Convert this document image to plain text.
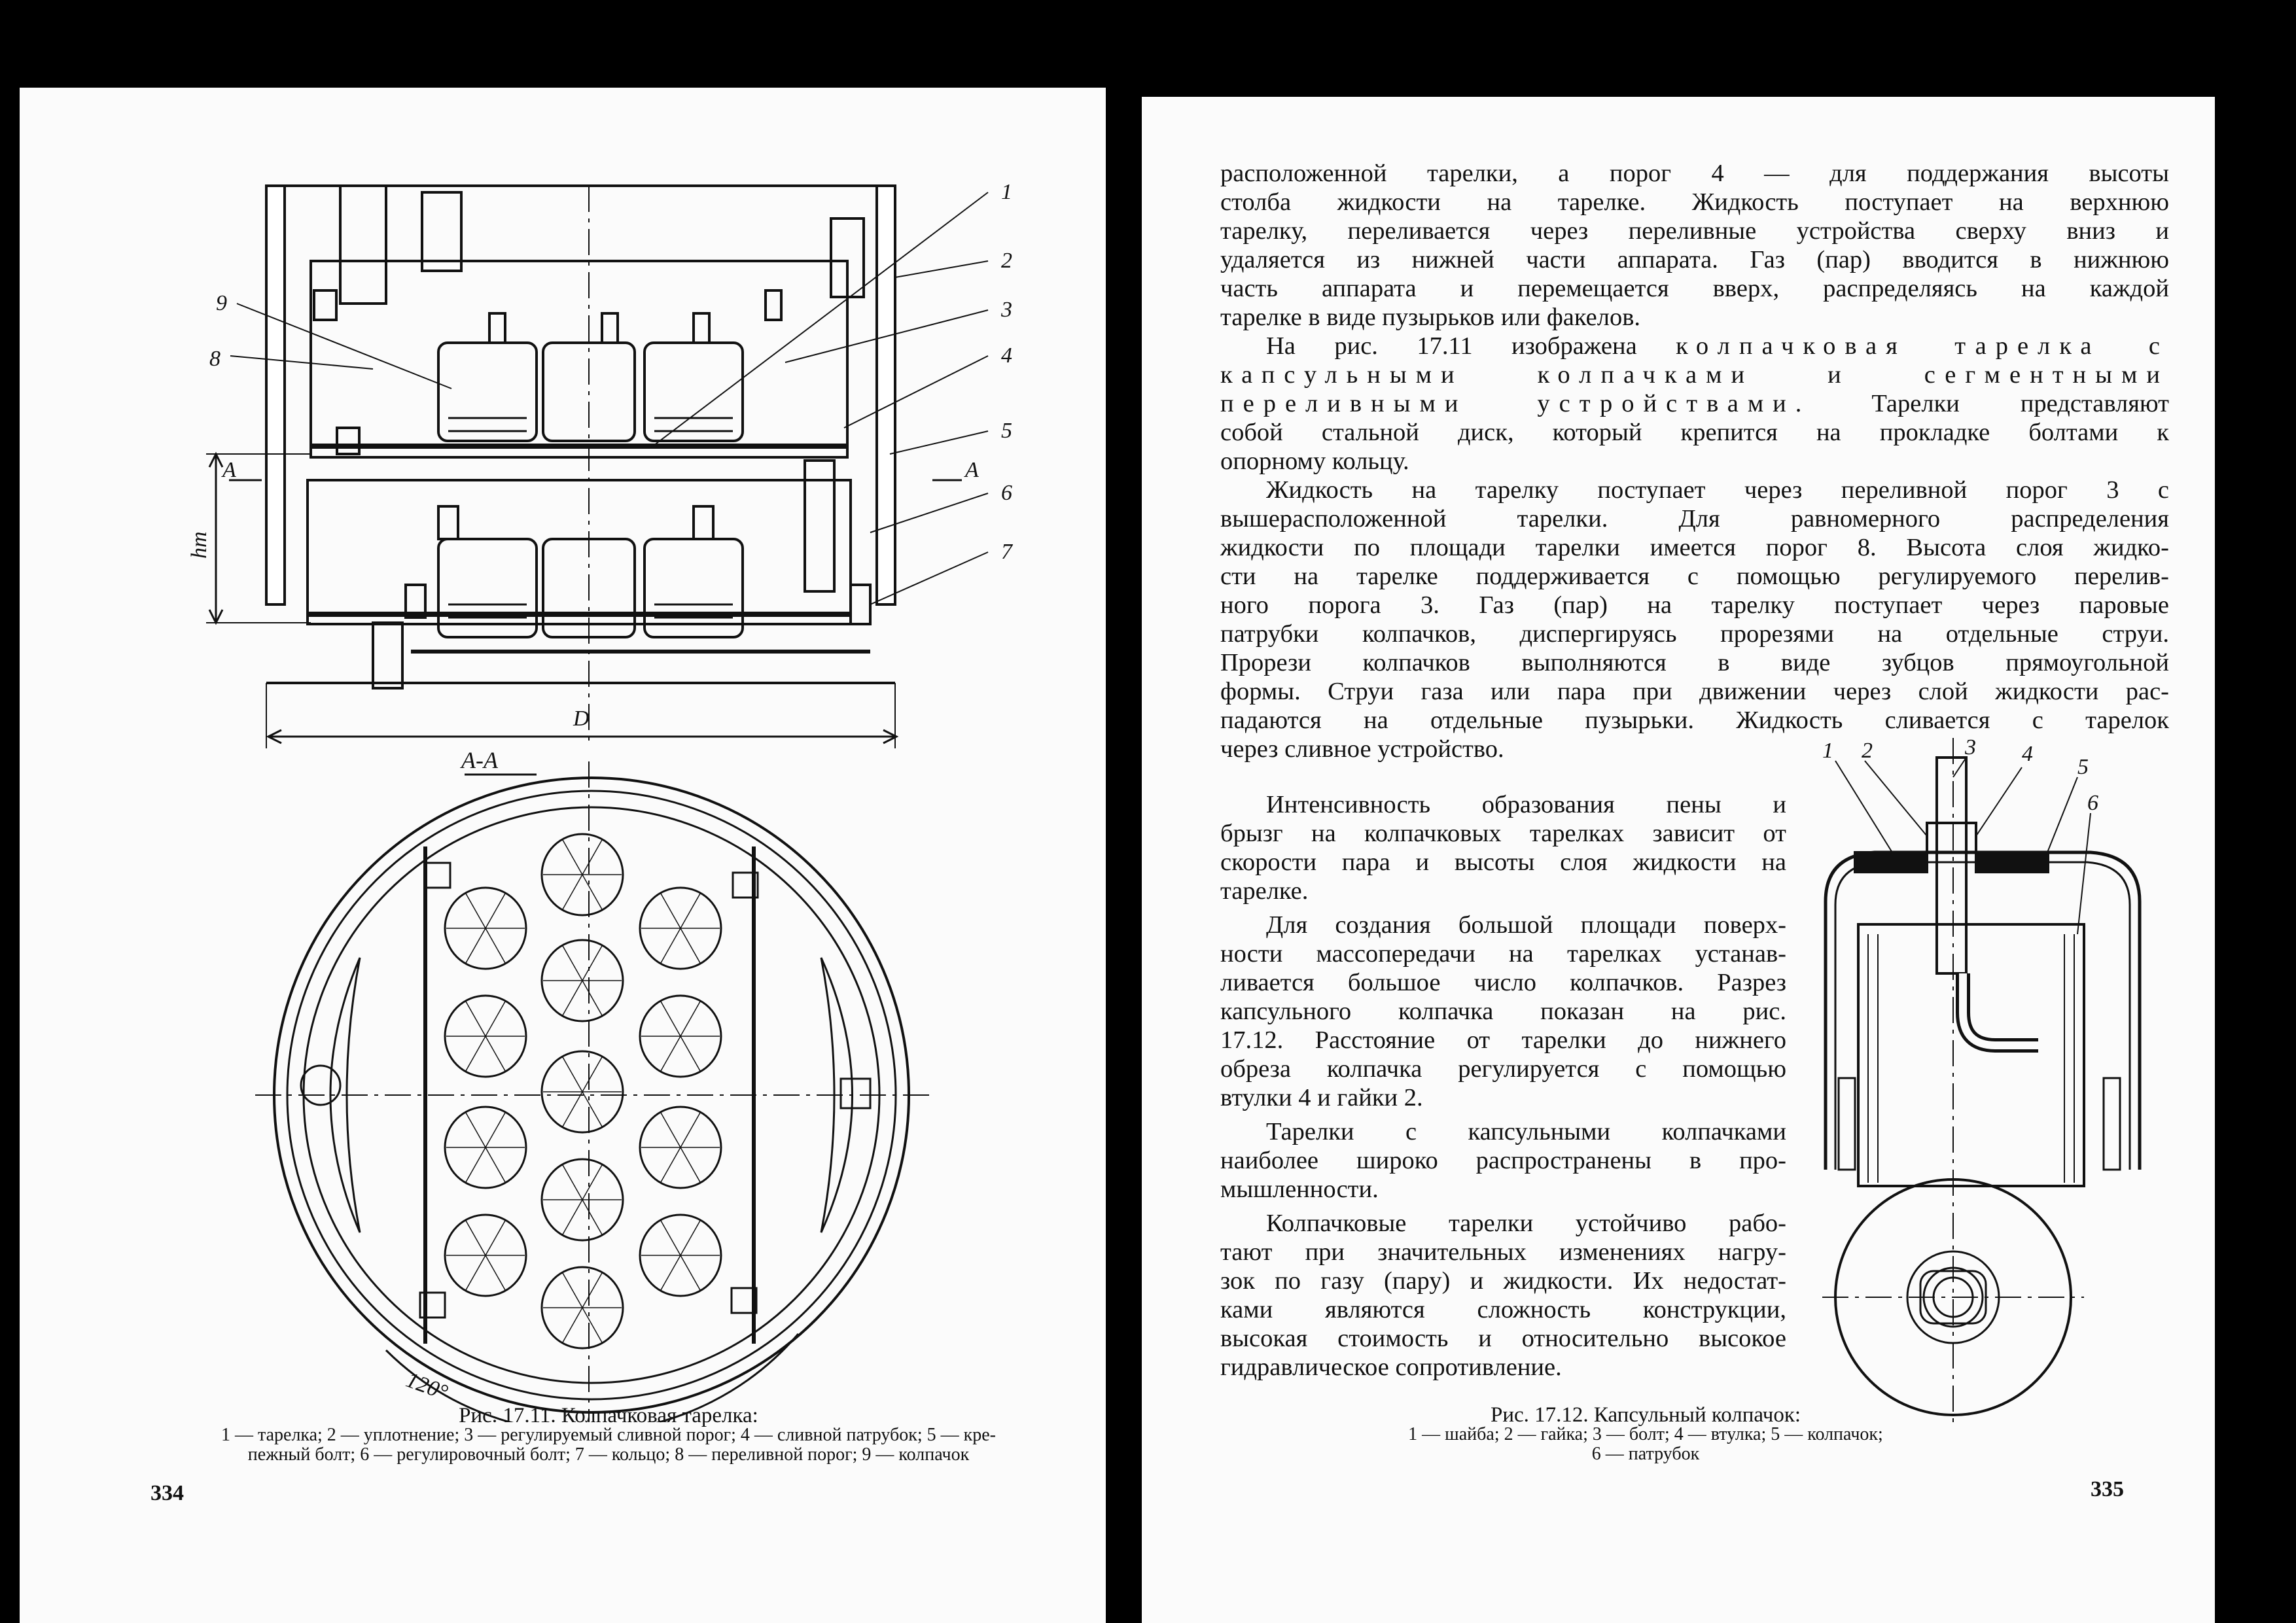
1
2
3
4
5
6
7
8
9
A	A
hm
D
A-A
120°
Рис. 17.11. Колпачковая тарелка:
1 — тарелка; 2 — уплотнение; 3 — регулируемый сливной порог; 4 — сливной патрубок; 5 — кре-
пежный болт; 6 — регулировочный болт; 7 — кольцо; 8 — переливной порог; 9 — колпачок
334

расположенной тарелки, а порог 4 — для поддержания высоты
столба жидкости на тарелке. Жидкость поступает на верхнюю
тарелку, переливается через переливные устройства сверху вниз и
удаляется из нижней части аппарата. Газ (пар) вводится в нижнюю
часть аппарата и перемещается вверх, распределяясь на каждой
тарелке в виде пузырьков или факелов.

На рис. 17.11 изображена колпачковая тарелка с
капсульными колпачками и сегментными
переливными устройствами. Тарелки представляют
собой стальной диск, который крепится на прокладке болтами к
опорному кольцу.

Жидкость на тарелку поступает через переливной порог 3 с
вышерасположенной тарелки. Для равномерного распределения
жидкости по площади тарелки имеется порог 8. Высота слоя жидко-
сти на тарелке поддерживается с помощью регулируемого перелив-
ного порога 3. Газ (пар) на тарелку поступает через паровые
патрубки колпачков, диспергируясь прорезями на отдельные струи.
Прорези колпачков выполняются в виде зубцов прямоугольной
формы. Струи газа или пара при движении через слой жидкости рас-
падаются на отдельные пузырьки. Жидкость сливается с тарелок
через сливное устройство.

Интенсивность образования пены и
брызг на колпачковых тарелках зависит от
скорости пара и высоты слоя жидкости на
тарелке.

Для создания большой площади поверх-
ности массопередачи на тарелках устанав-
ливается большое число колпачков. Разрез
капсульного колпачка показан на рис.
17.12. Расстояние от тарелки до нижнего
обреза колпачка регулируется с помощью
втулки 4 и гайки 2.

Тарелки с капсульными колпачками
наиболее широко распространены в про-
мышленности.

Колпачковые тарелки устойчиво рабо-
тают при значительных изменениях нагру-
зок по газу (пару) и жидкости. Их недостат-
ками являются сложность конструкции,
высокая стоимость и относительно высокое
гидравлическое сопротивление.

1 2	3 4
5
6
Рис. 17.12. Капсульный колпачок:
1 — шайба; 2 — гайка; 3 — болт; 4 — втулка; 5 — колпачок;
6 — патрубок
335
